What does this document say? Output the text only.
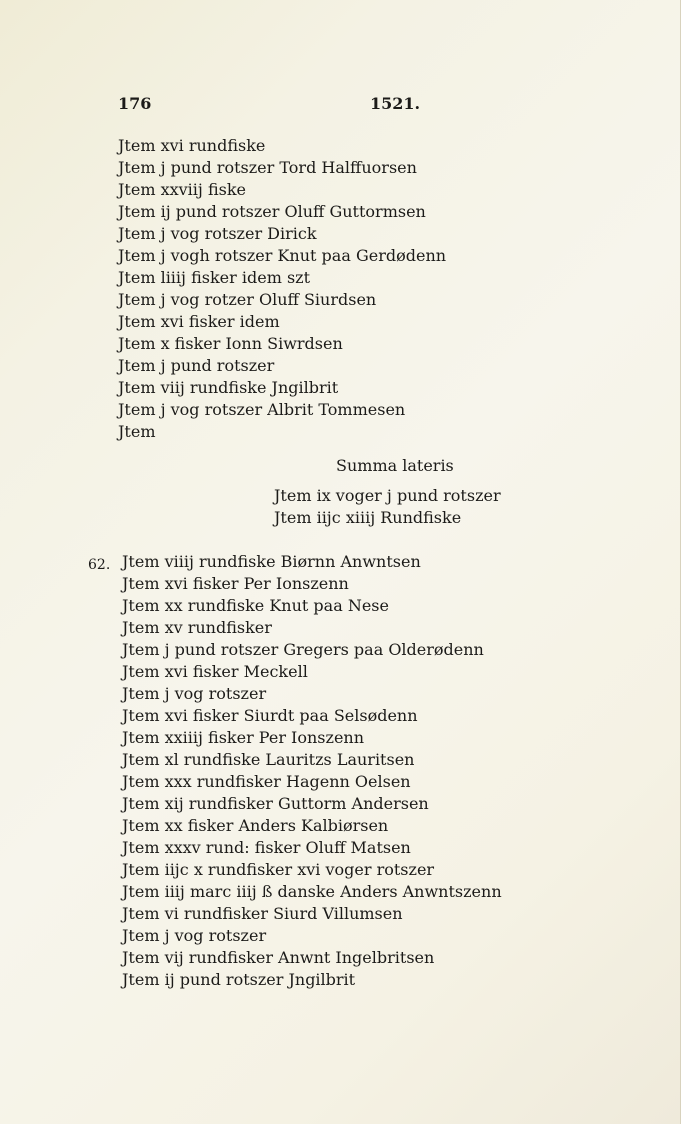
176	1521.
Jtem xvi rundfiske
Jtem j pund rotszer Tord Halffuorsen
Jtem xxviij fiske
Jtem ij pund rotszer Oluff Guttormsen
Jtem j vog rotszer Dirick
Jtem j vogh rotszer Knut paa Gerdødenn
Jtem liiij fisker idem szt
Jtem j vog rotzer Oluff Siurdsen
Jtem xvi fisker idem
Jtem x fisker Ionn Siwrdsen
Jtem j pund rotszer
Jtem viij rundfiske Jngilbrit
Jtem j vog rotszer Albrit Tommesen
Jtem
Summa lateris
Jtem ix voger j pund rotszer
Jtem iijc xiiij Rundfiske
62. Jtem viiij rundfiske Biørnn Anwntsen
Jtem xvi fisker Per Ionszenn
Jtem xx rundfiske Knut paa Nese
Jtem xv rundfisker
Jtem j pund rotszer Gregers paa Olderødenn
Jtem xvi fisker Meckell
Jtem j vog rotszer
Jtem xvi fisker Siurdt paa Selsødenn
Jtem xxiiij fisker Per Ionszenn
Jtem xl rundfiske Lauritzs Lauritsen
Jtem xxx rundfisker Hagenn Oelsen
Jtem xij rundfisker Guttorm Andersen
Jtem xx fisker Anders Kalbiørsen
Jtem xxxv rund: fisker Oluff Matsen
Jtem iijc x rundfisker xvi voger rotszer
Jtem iiij marc iiij ß danske Anders Anwntszenn
Jtem vi rundfisker Siurd Villumsen
Jtem j vog rotszer
Jtem vij rundfisker Anwnt Ingelbritsen
Jtem ij pund rotszer Jngilbrit
